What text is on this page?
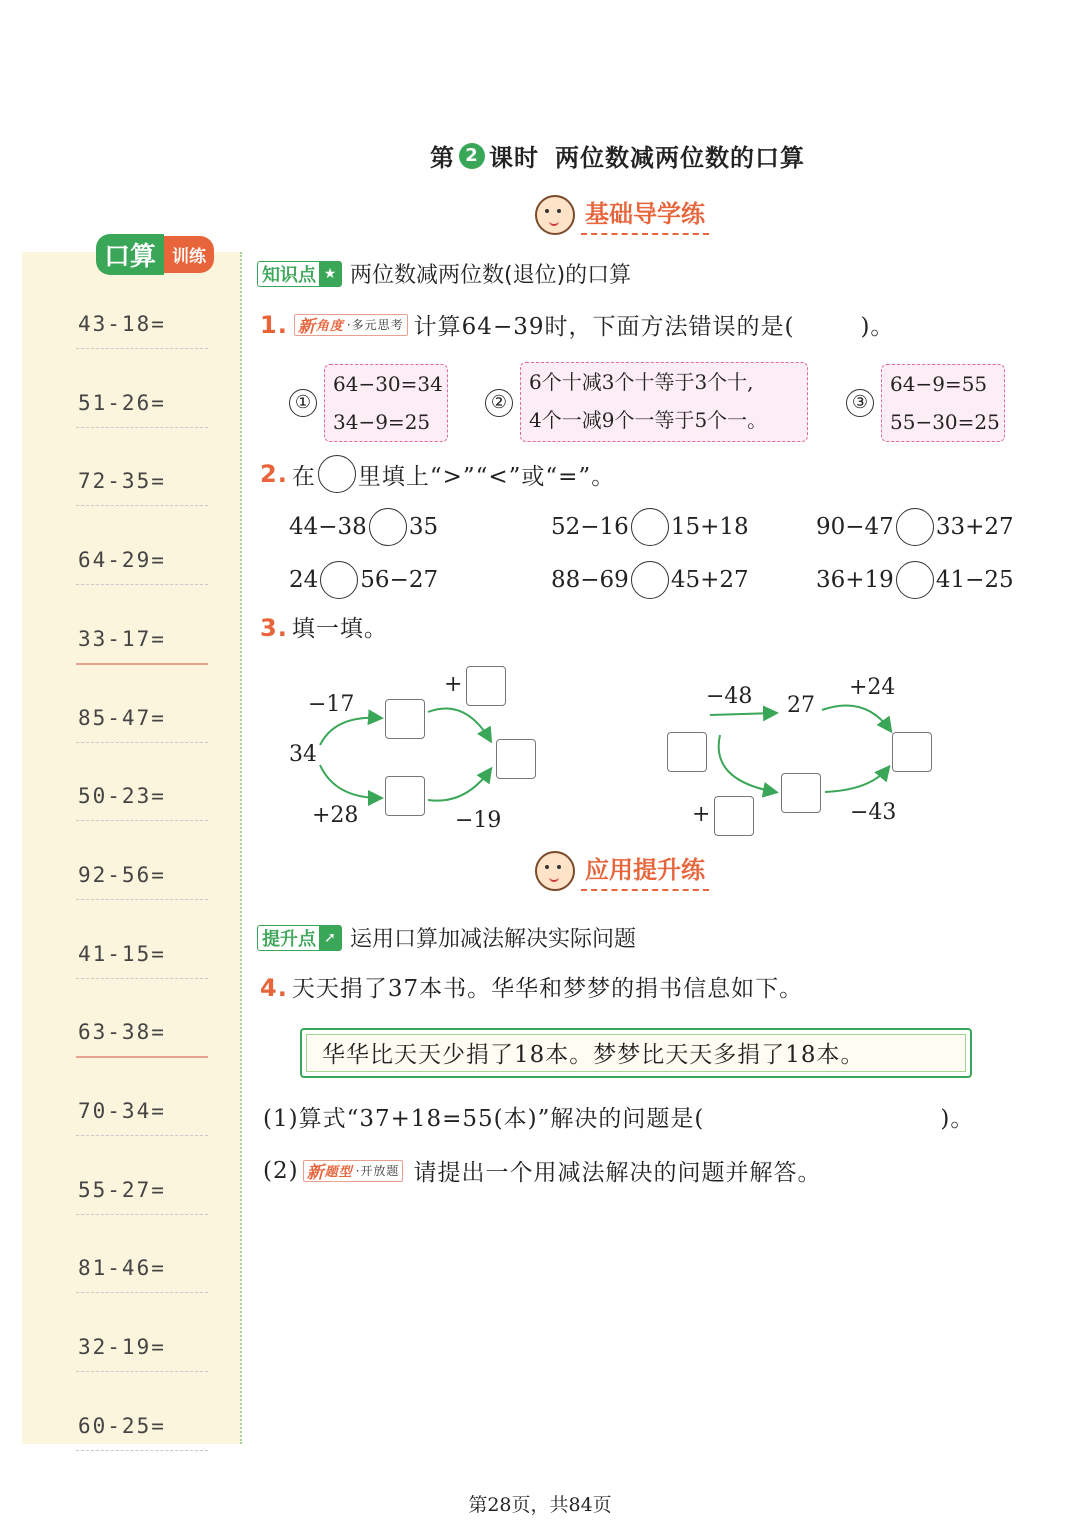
第 2 课时 两位数减两位数的口算
基础导学练
口算 训练
43-18=
51-26=
72-35=
64-29=
33-17=
85-47=
50-23=
92-56=
41-15=
63-38=
70-34=
55-27=
81-46=
32-19=
60-25=
知识点 ★ 两位数减两位数(退位)的口算
1. 新 角度 ·多元思考 计算64−39时，下面方法错误的是(	)。
①
64−30=34
34−9=25
②
6个十减3个十等于3个十,
4个一减9个一等于5个一。
③
64−9=55
55−30=25
2. 在 里填上“>”“<”或“=”。
44−38 35	52−16 15+18	90−47 33+27
24 56−27	88−69 45+27	36+19 41−25
3. 填一填。
34
−17
+28
+
−19
−48 27
+24
+	−43
应用提升练
提升点 ➚ 运用口算加减法解决实际问题
4. 天天捐了37本书。华华和梦梦的捐书信息如下。
华华比天天少捐了18本。梦梦比天天多捐了18本。
(1)算式“37+18=55(本)”解决的问题是(	)。
(2) 新 题型 ·开放题 请提出一个用减法解决的问题并解答。
第28页，共84页
